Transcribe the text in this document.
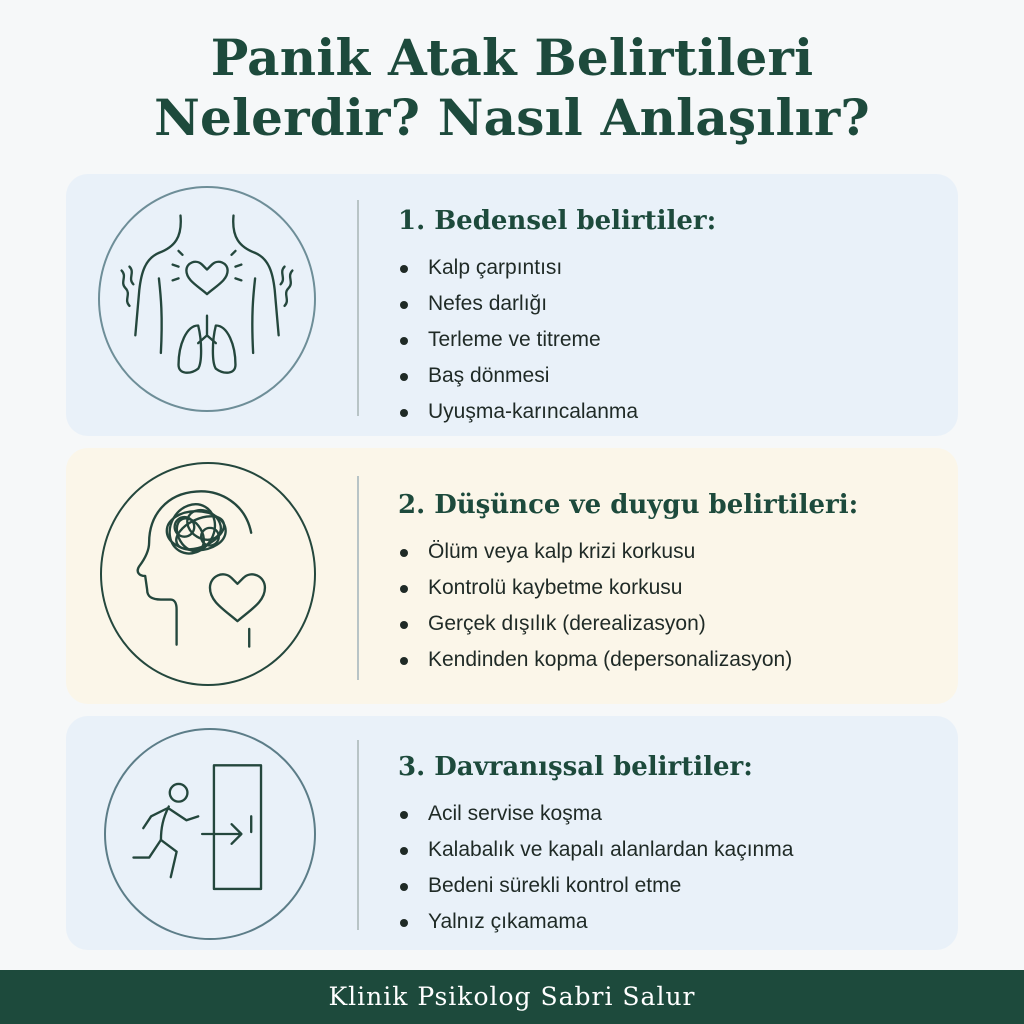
Panik Atak Belirtileri
Nelerdir? Nasıl Anlaşılır?
1. Bedensel belirtiler:
Kalp çarpıntısı
Nefes darlığı
Terleme ve titreme
Baş dönmesi
Uyuşma-karıncalanma
2. Düşünce ve duygu belirtileri:
Ölüm veya kalp krizi korkusu
Kontrolü kaybetme korkusu
Gerçek dışılık (derealizasyon)
Kendinden kopma (depersonalizasyon)
3. Davranışsal belirtiler:
Acil servise koşma
Kalabalık ve kapalı alanlardan kaçınma
Bedeni sürekli kontrol etme
Yalnız çıkamama
Klinik Psikolog Sabri Salur
